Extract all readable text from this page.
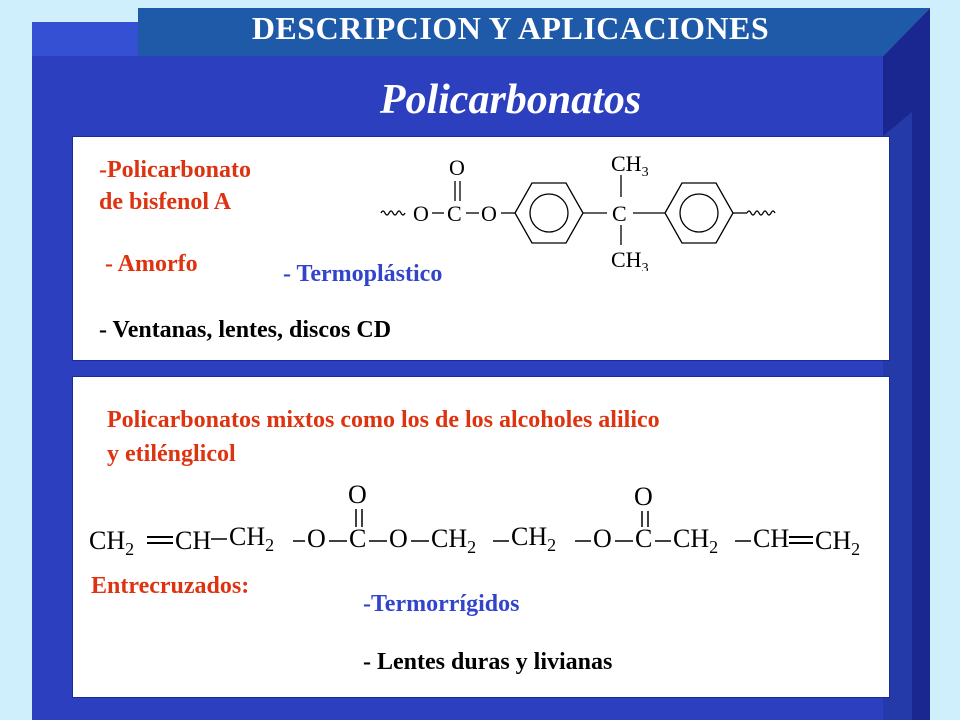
DESCRIPCION Y APLICACIONES
Policarbonatos
-Policarbonato
de bisfenol A
- Amorfo	- Termoplástico
- Ventanas, lentes, discos CD
O C
O
O	C
$CH_3$
$CH_3$
Policarbonatos mixtos como los de los alcoholes alilico
y etilénglicol
Entrecruzados:
-Termorrígidos
- Lentes duras y livianas
$CH_2$ CH $CH_2$ O C
O
O $CH_2$ $CH_2$ O C
O
$CH_2$ CH $CH_2$
